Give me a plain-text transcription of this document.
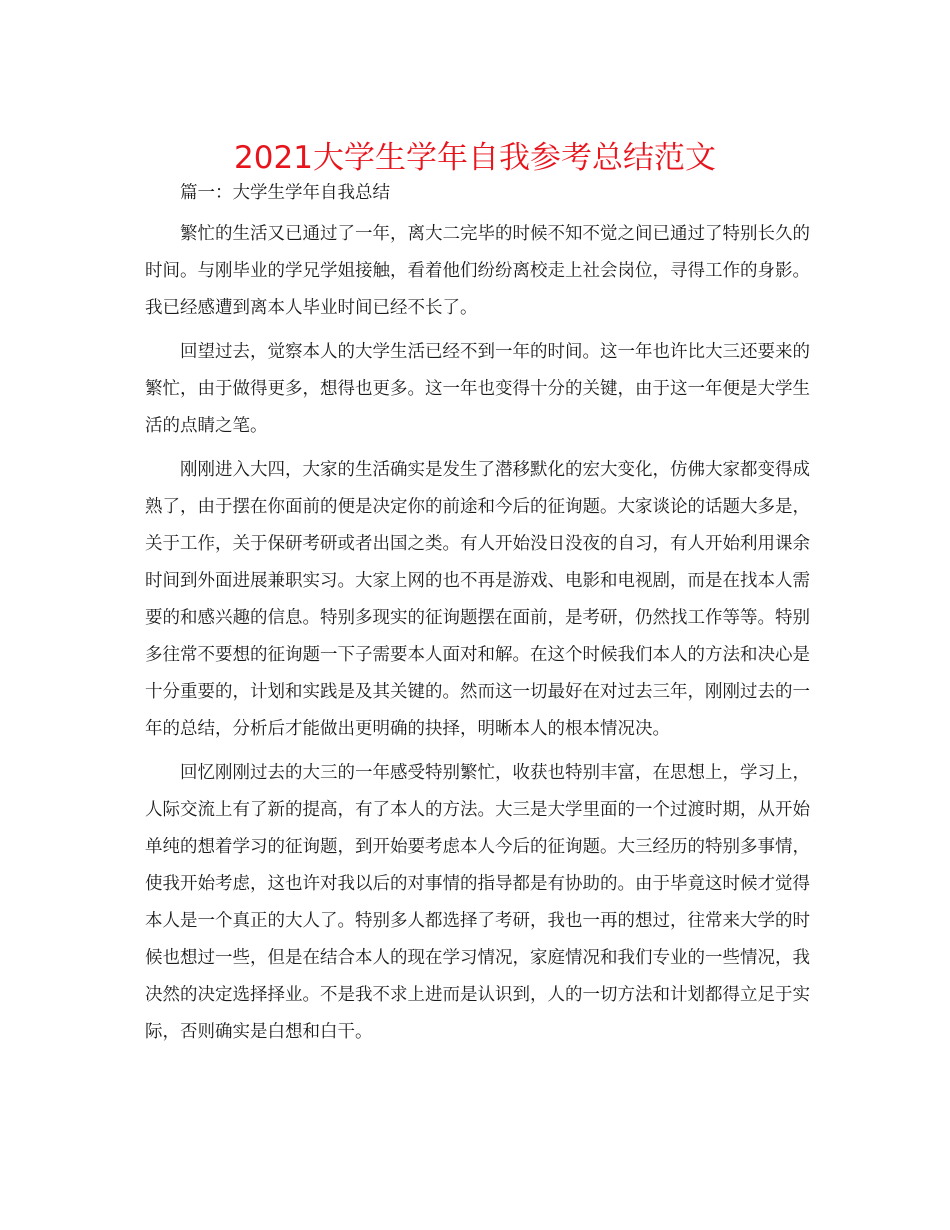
2021大学生学年自我参考总结范文

篇一：大学生学年自我总结

繁忙的生活又已通过了一年，离大二完毕的时候不知不觉之间已通过了特别长久的时间。与刚毕业的学兄学姐接触，看着他们纷纷离校走上社会岗位，寻得工作的身影。我已经感遭到离本人毕业时间已经不长了。

回望过去，觉察本人的大学生活已经不到一年的时间。这一年也许比大三还要来的繁忙，由于做得更多，想得也更多。这一年也变得十分的关键，由于这一年便是大学生活的点睛之笔。

刚刚进入大四，大家的生活确实是发生了潜移默化的宏大变化，仿佛大家都变得成熟了，由于摆在你面前的便是决定你的前途和今后的征询题。大家谈论的话题大多是，关于工作，关于保研考研或者出国之类。有人开始没日没夜的自习，有人开始利用课余时间到外面进展兼职实习。大家上网的也不再是游戏、电影和电视剧，而是在找本人需要的和感兴趣的信息。特别多现实的征询题摆在面前，是考研，仍然找工作等等。特别多往常不要想的征询题一下子需要本人面对和解。在这个时候我们本人的方法和决心是十分重要的，计划和实践是及其关键的。然而这一切最好在对过去三年，刚刚过去的一年的总结，分析后才能做出更明确的抉择，明晰本人的根本情况决。

回忆刚刚过去的大三的一年感受特别繁忙，收获也特别丰富，在思想上，学习上，人际交流上有了新的提高，有了本人的方法。大三是大学里面的一个过渡时期，从开始单纯的想着学习的征询题，到开始要考虑本人今后的征询题。大三经历的特别多事情，使我开始考虑，这也许对我以后的对事情的指导都是有协助的。由于毕竟这时候才觉得本人是一个真正的大人了。特别多人都选择了考研，我也一再的想过，往常来大学的时候也想过一些，但是在结合本人的现在学习情况，家庭情况和我们专业的一些情况，我决然的决定选择择业。不是我不求上进而是认识到，人的一切方法和计划都得立足于实际，否则确实是白想和白干。
